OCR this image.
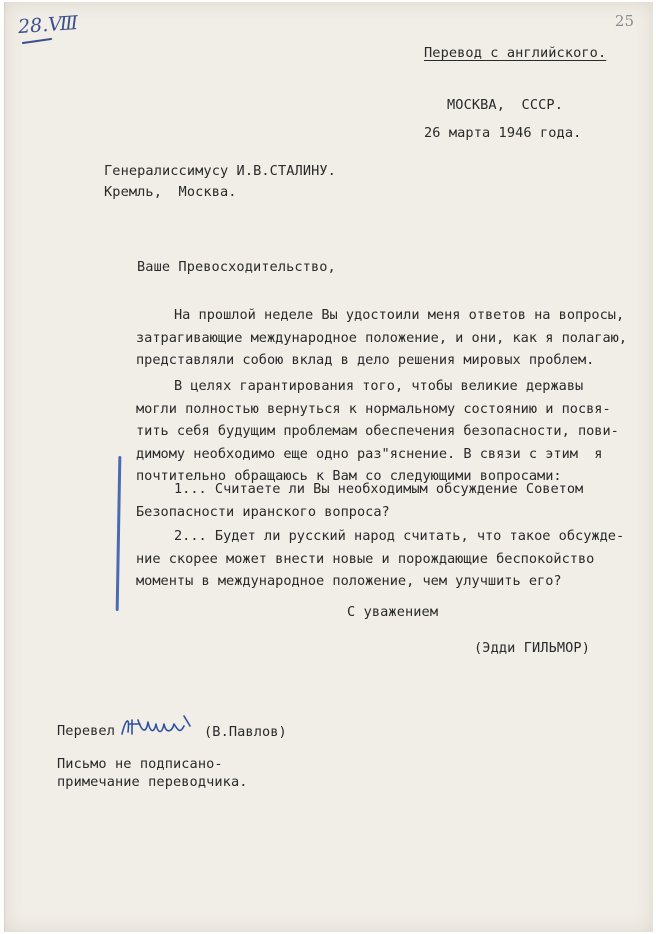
28.Ⅷ	25
Перевод с английского.
МОСКВА,  СССР.
26 марта 1946 года.
Генералиссимусу И.В.СТАЛИНУ.
Кремль,  Москва.
Ваше Превосходительство,
На прошлой неделе Вы удостоили меня ответов на вопросы,
затрагивающие международное положение, и они, как я полагаю,
представляли собою вклад в дело решения мировых проблем.
В целях гарантирования того, чтобы великие державы
могли полностью вернуться к нормальному состоянию и посвя-
тить себя будущим проблемам обеспечения безопасности, пови-
димому необходимо еще одно раз"яснение. В связи с этим  я
почтительно обращаюсь к Вам со следующими вопросами:
1... Считаете ли Вы необходимым обсуждение Советом
Безопасности иранского вопроса?
2... Будет ли русский народ считать, что такое обсужде-
ние скорее может внести новые и порождающие беспокойство
моменты в международное положение, чем улучшить его?
С уважением
(Эдди ГИЛЬМОР)
Перевел	(В.Павлов)
Письмо не подписано-
примечание переводчика.
